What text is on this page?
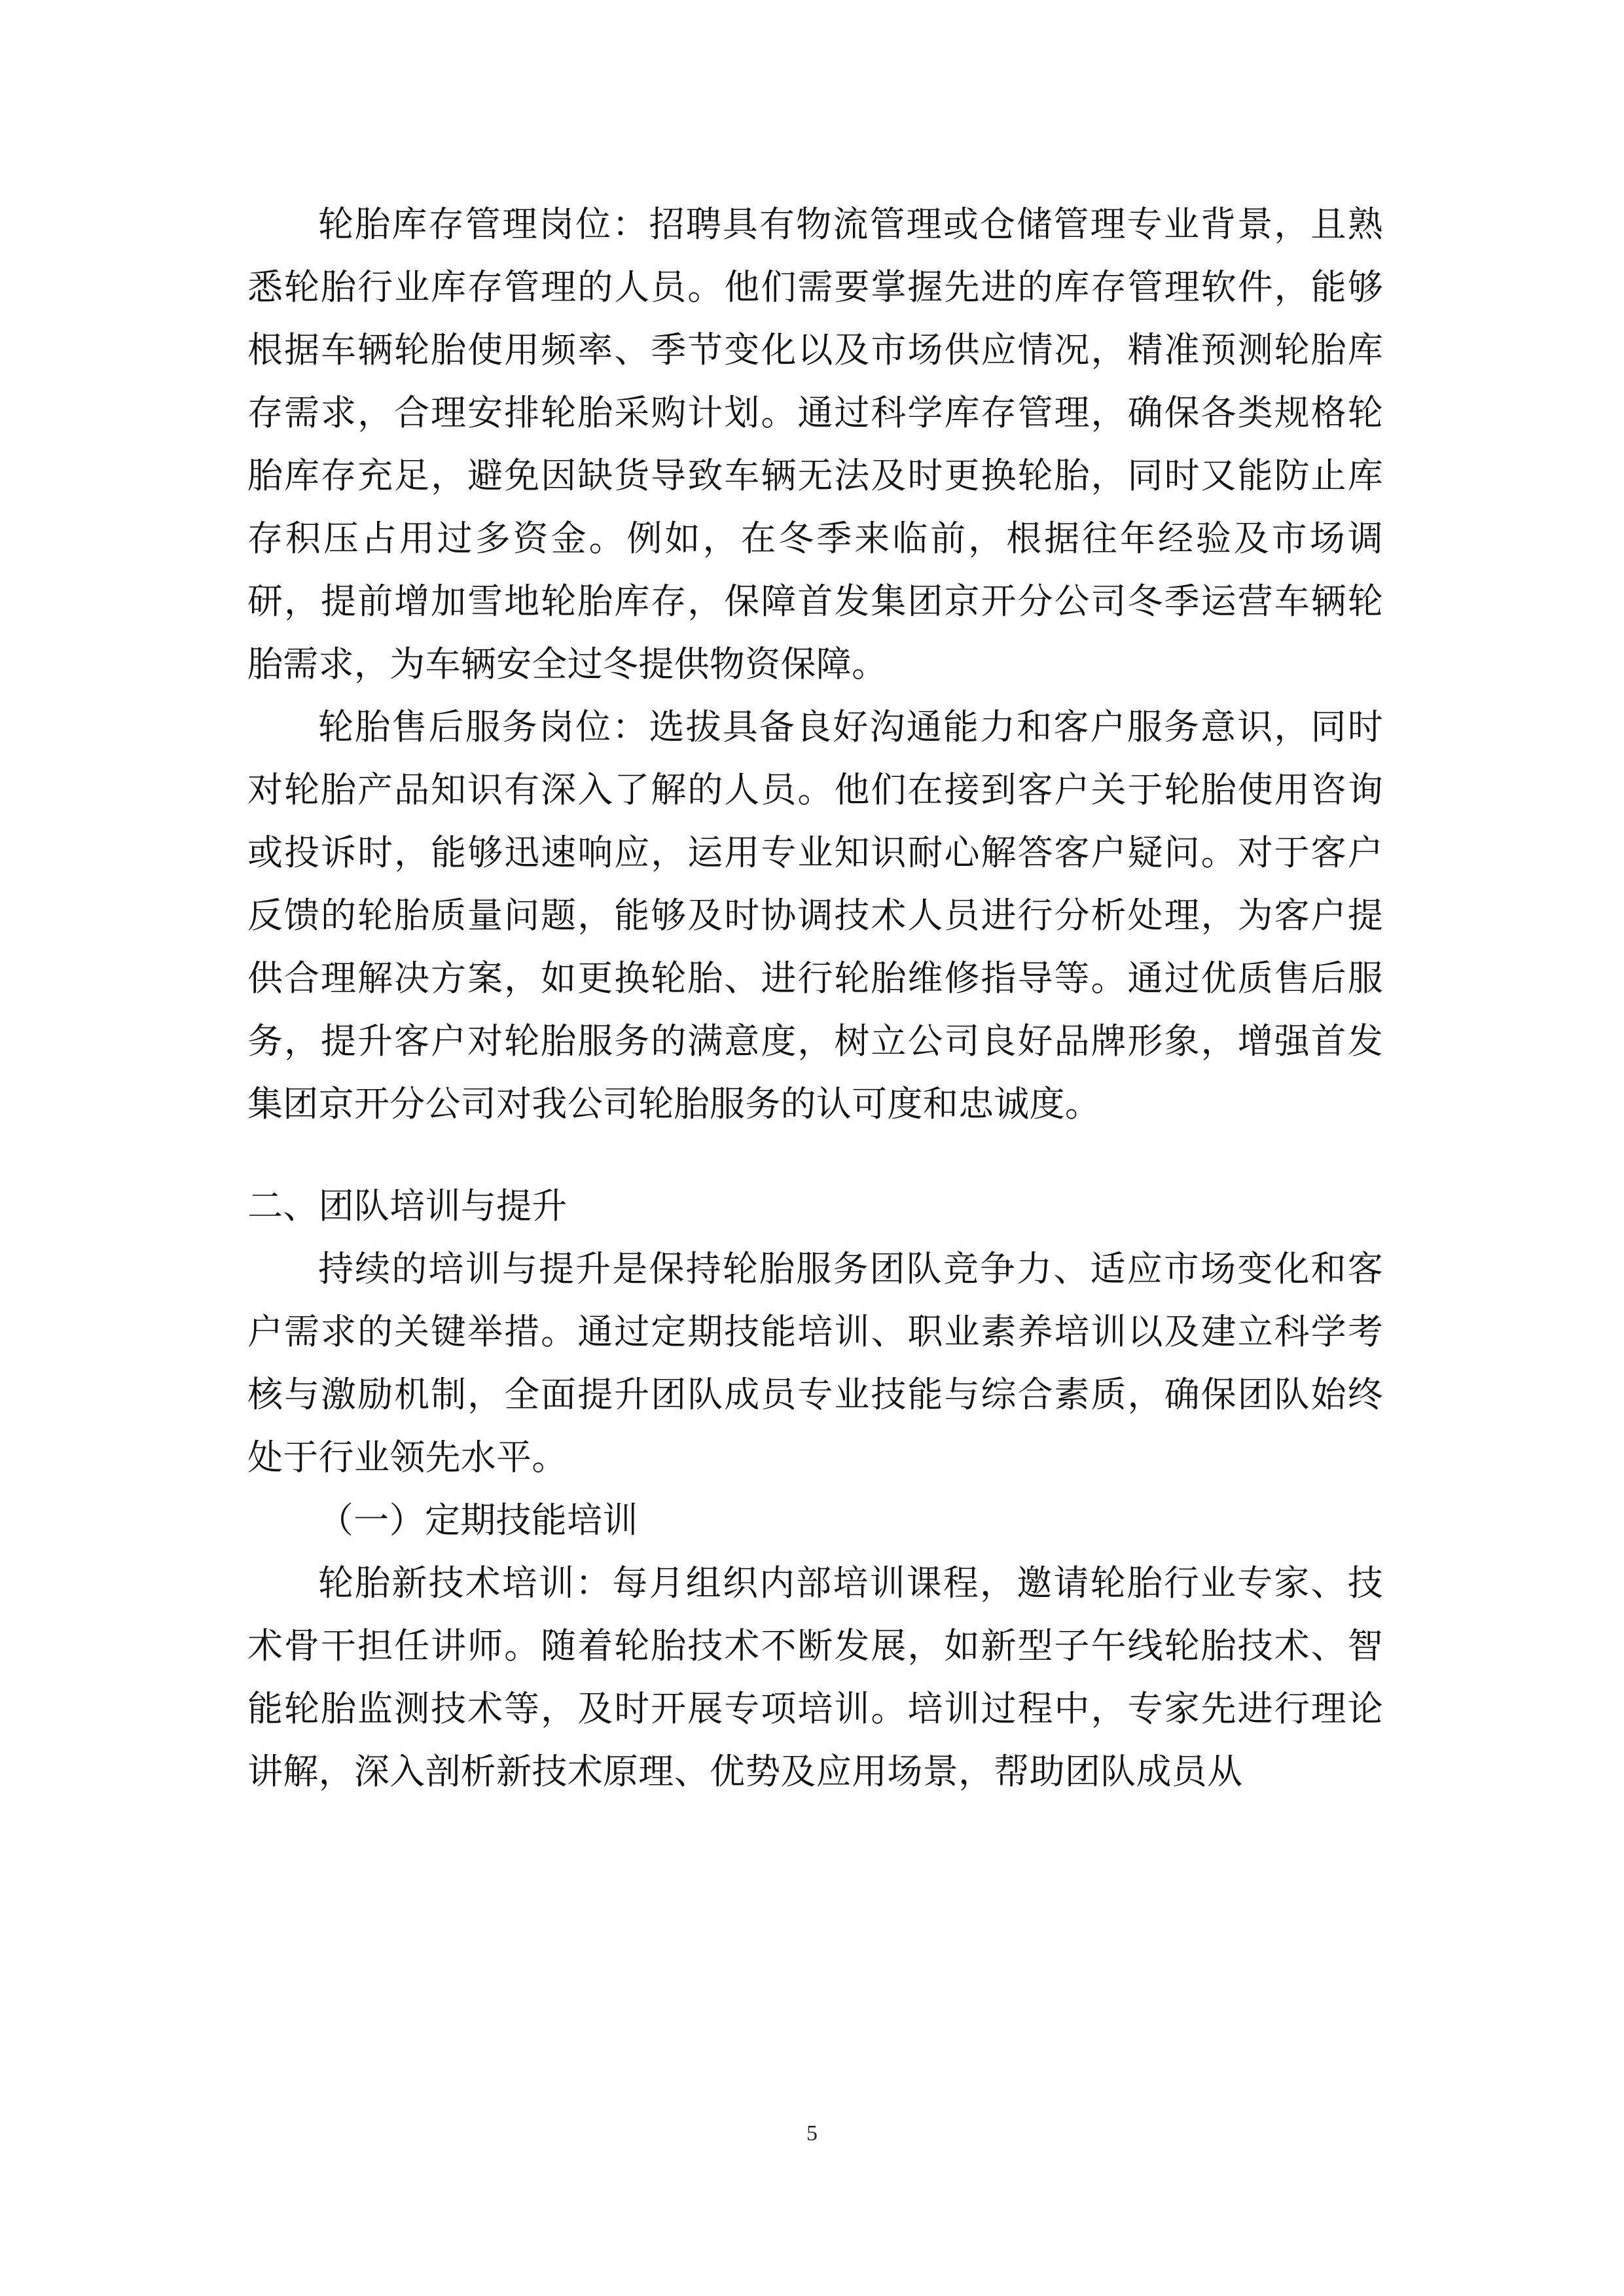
轮胎库存管理岗位：招聘具有物流管理或仓储管理专业背景，且熟悉轮胎行业库存管理的人员。他们需要掌握先进的库存管理软件，能够根据车辆轮胎使用频率、季节变化以及市场供应情况，精准预测轮胎库存需求，合理安排轮胎采购计划。通过科学库存管理，确保各类规格轮胎库存充足，避免因缺货导致车辆无法及时更换轮胎，同时又能防止库存积压占用过多资金。例如，在冬季来临前，根据往年经验及市场调研，提前增加雪地轮胎库存，保障首发集团京开分公司冬季运营车辆轮胎需求，为车辆安全过冬提供物资保障。

轮胎售后服务岗位：选拔具备良好沟通能力和客户服务意识，同时对轮胎产品知识有深入了解的人员。他们在接到客户关于轮胎使用咨询或投诉时，能够迅速响应，运用专业知识耐心解答客户疑问。对于客户反馈的轮胎质量问题，能够及时协调技术人员进行分析处理，为客户提供合理解决方案，如更换轮胎、进行轮胎维修指导等。通过优质售后服务，提升客户对轮胎服务的满意度，树立公司良好品牌形象，增强首发集团京开分公司对我公司轮胎服务的认可度和忠诚度。

二、团队培训与提升

持续的培训与提升是保持轮胎服务团队竞争力、适应市场变化和客户需求的关键举措。通过定期技能培训、职业素养培训以及建立科学考核与激励机制，全面提升团队成员专业技能与综合素质，确保团队始终处于行业领先水平。

（一）定期技能培训

轮胎新技术培训：每月组织内部培训课程，邀请轮胎行业专家、技术骨干担任讲师。随着轮胎技术不断发展，如新型子午线轮胎技术、智能轮胎监测技术等，及时开展专项培训。培训过程中，专家先进行理论讲解，深入剖析新技术原理、优势及应用场景，帮助团队成员从

5
